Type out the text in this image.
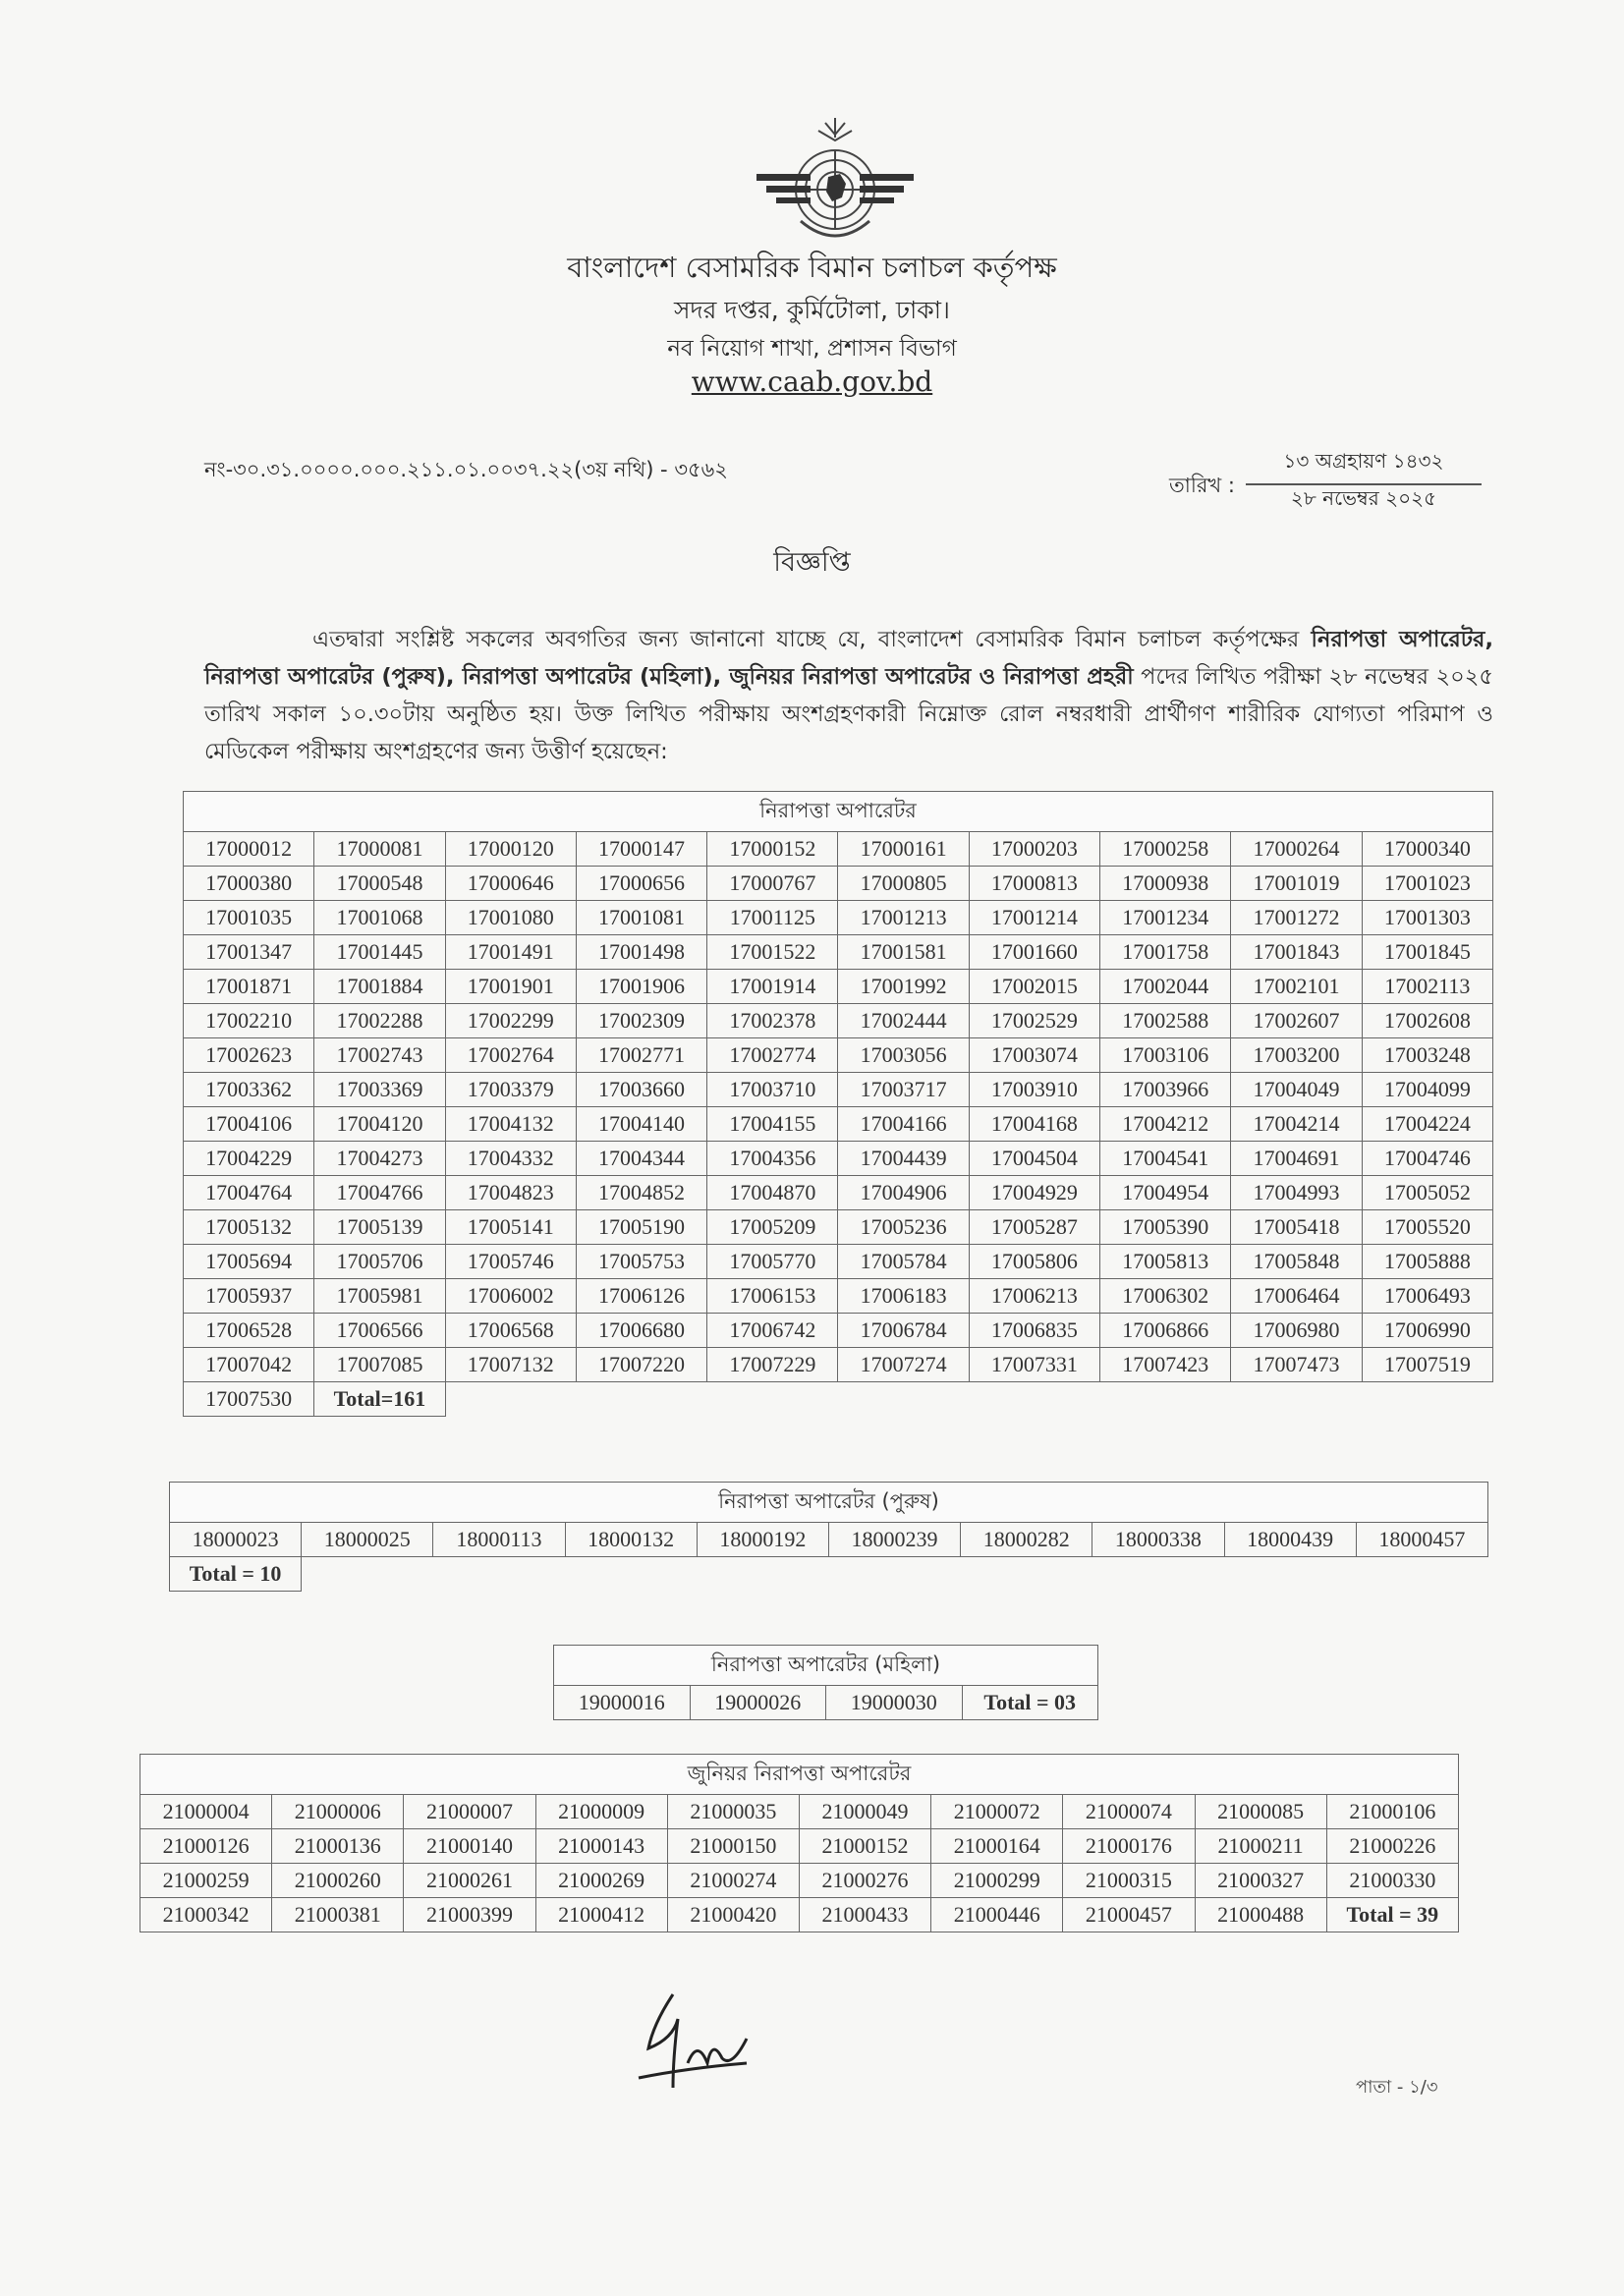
বাংলাদেশ বেসামরিক বিমান চলাচল কর্তৃপক্ষ
সদর দপ্তর, কুর্মিটোলা, ঢাকা।
নব নিয়োগ শাখা, প্রশাসন বিভাগ
www.caab.gov.bd
নং-৩০.৩১.০০০০.০০০.২১১.০১.০০৩৭.২২(৩য় নথি) - ৩৫৬২
তারিখ :
১৩ অগ্রহায়ণ ১৪৩২
২৮ নভেম্বর ২০২৫
বিজ্ঞপ্তি
এতদ্বারা সংশ্লিষ্ট সকলের অবগতির জন্য জানানো যাচ্ছে যে, বাংলাদেশ বেসামরিক বিমান চলাচল কর্তৃপক্ষের নিরাপত্তা অপারেটর, নিরাপত্তা অপারেটর (পুরুষ), নিরাপত্তা অপারেটর (মহিলা), জুনিয়র নিরাপত্তা অপারেটর ও নিরাপত্তা প্রহরী পদের লিখিত পরীক্ষা ২৮ নভেম্বর ২০২৫ তারিখ সকাল ১০.৩০টায় অনুষ্ঠিত হয়। উক্ত লিখিত পরীক্ষায় অংশগ্রহণকারী নিম্নোক্ত রোল নম্বরধারী প্রার্থীগণ শারীরিক যোগ্যতা পরিমাপ ও মেডিকেল পরীক্ষায় অংশগ্রহণের জন্য উত্তীর্ণ হয়েছেন:
নিরাপত্তা অপারেটর									
17000012	17000081	17000120	17000147	17000152	17000161	17000203	17000258	17000264	17000340
17000380	17000548	17000646	17000656	17000767	17000805	17000813	17000938	17001019	17001023
17001035	17001068	17001080	17001081	17001125	17001213	17001214	17001234	17001272	17001303
17001347	17001445	17001491	17001498	17001522	17001581	17001660	17001758	17001843	17001845
17001871	17001884	17001901	17001906	17001914	17001992	17002015	17002044	17002101	17002113
17002210	17002288	17002299	17002309	17002378	17002444	17002529	17002588	17002607	17002608
17002623	17002743	17002764	17002771	17002774	17003056	17003074	17003106	17003200	17003248
17003362	17003369	17003379	17003660	17003710	17003717	17003910	17003966	17004049	17004099
17004106	17004120	17004132	17004140	17004155	17004166	17004168	17004212	17004214	17004224
17004229	17004273	17004332	17004344	17004356	17004439	17004504	17004541	17004691	17004746
17004764	17004766	17004823	17004852	17004870	17004906	17004929	17004954	17004993	17005052
17005132	17005139	17005141	17005190	17005209	17005236	17005287	17005390	17005418	17005520
17005694	17005706	17005746	17005753	17005770	17005784	17005806	17005813	17005848	17005888
17005937	17005981	17006002	17006126	17006153	17006183	17006213	17006302	17006464	17006493
17006528	17006566	17006568	17006680	17006742	17006784	17006835	17006866	17006980	17006990
17007042	17007085	17007132	17007220	17007229	17007274	17007331	17007423	17007473	17007519
17007530	Total=161								
নিরাপত্তা অপারেটর (পুরুষ)									
18000023	18000025	18000113	18000132	18000192	18000239	18000282	18000338	18000439	18000457
Total = 10									
নিরাপত্তা অপারেটর (মহিলা)
19000016	19000026	19000030	Total = 03
জুনিয়র নিরাপত্তা অপারেটর									
21000004	21000006	21000007	21000009	21000035	21000049	21000072	21000074	21000085	21000106
21000126	21000136	21000140	21000143	21000150	21000152	21000164	21000176	21000211	21000226
21000259	21000260	21000261	21000269	21000274	21000276	21000299	21000315	21000327	21000330
21000342	21000381	21000399	21000412	21000420	21000433	21000446	21000457	21000488	Total = 39
পাতা - ১/৩
